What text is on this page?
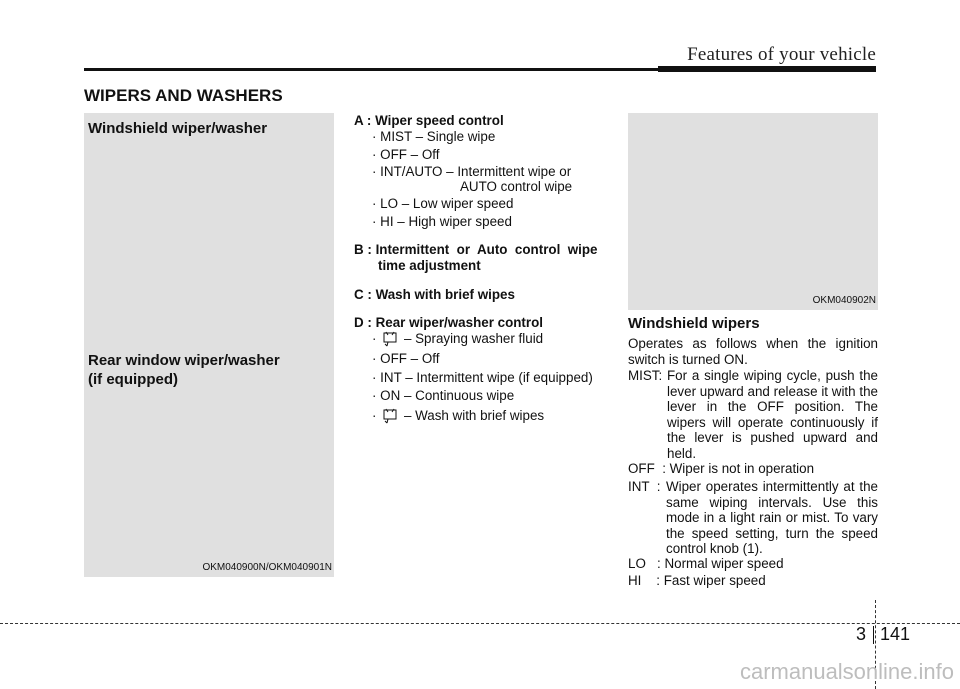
Features of your vehicle
WIPERS AND WASHERS
Windshield wiper/washer
Rear window wiper/washer
(if equipped)
OKM040900N/OKM040901N
A : Wiper speed control
· MIST – Single wipe
· OFF – Off
· INT/AUTO – Intermittent wipe or
AUTO control wipe
· LO – Low wiper speed
· HI – High wiper speed
B : Intermittent  or  Auto  control  wipe
time adjustment
C : Wash with brief wipes
D : Rear wiper/washer control
· – Spraying washer fluid
· OFF – Off
· INT – Intermittent wipe (if equipped)
· ON – Continuous wipe
· – Wash with brief wipes
OKM040902N
Windshield wipers
Operates as follows when the ignition switch is turned ON.
MIST: For a single wiping cycle, push the lever upward and release it with the lever in the OFF position. The wipers will operate continuously if the lever is pushed upward and held.
OFF  : Wiper is not in operation
INT  : Wiper operates intermittently at the same wiping intervals. Use this mode in a light rain or mist. To vary the speed setting, turn the speed control knob (1).
LO   : Normal wiper speed
HI    : Fast wiper speed
3 141
carmanualsonline.info
